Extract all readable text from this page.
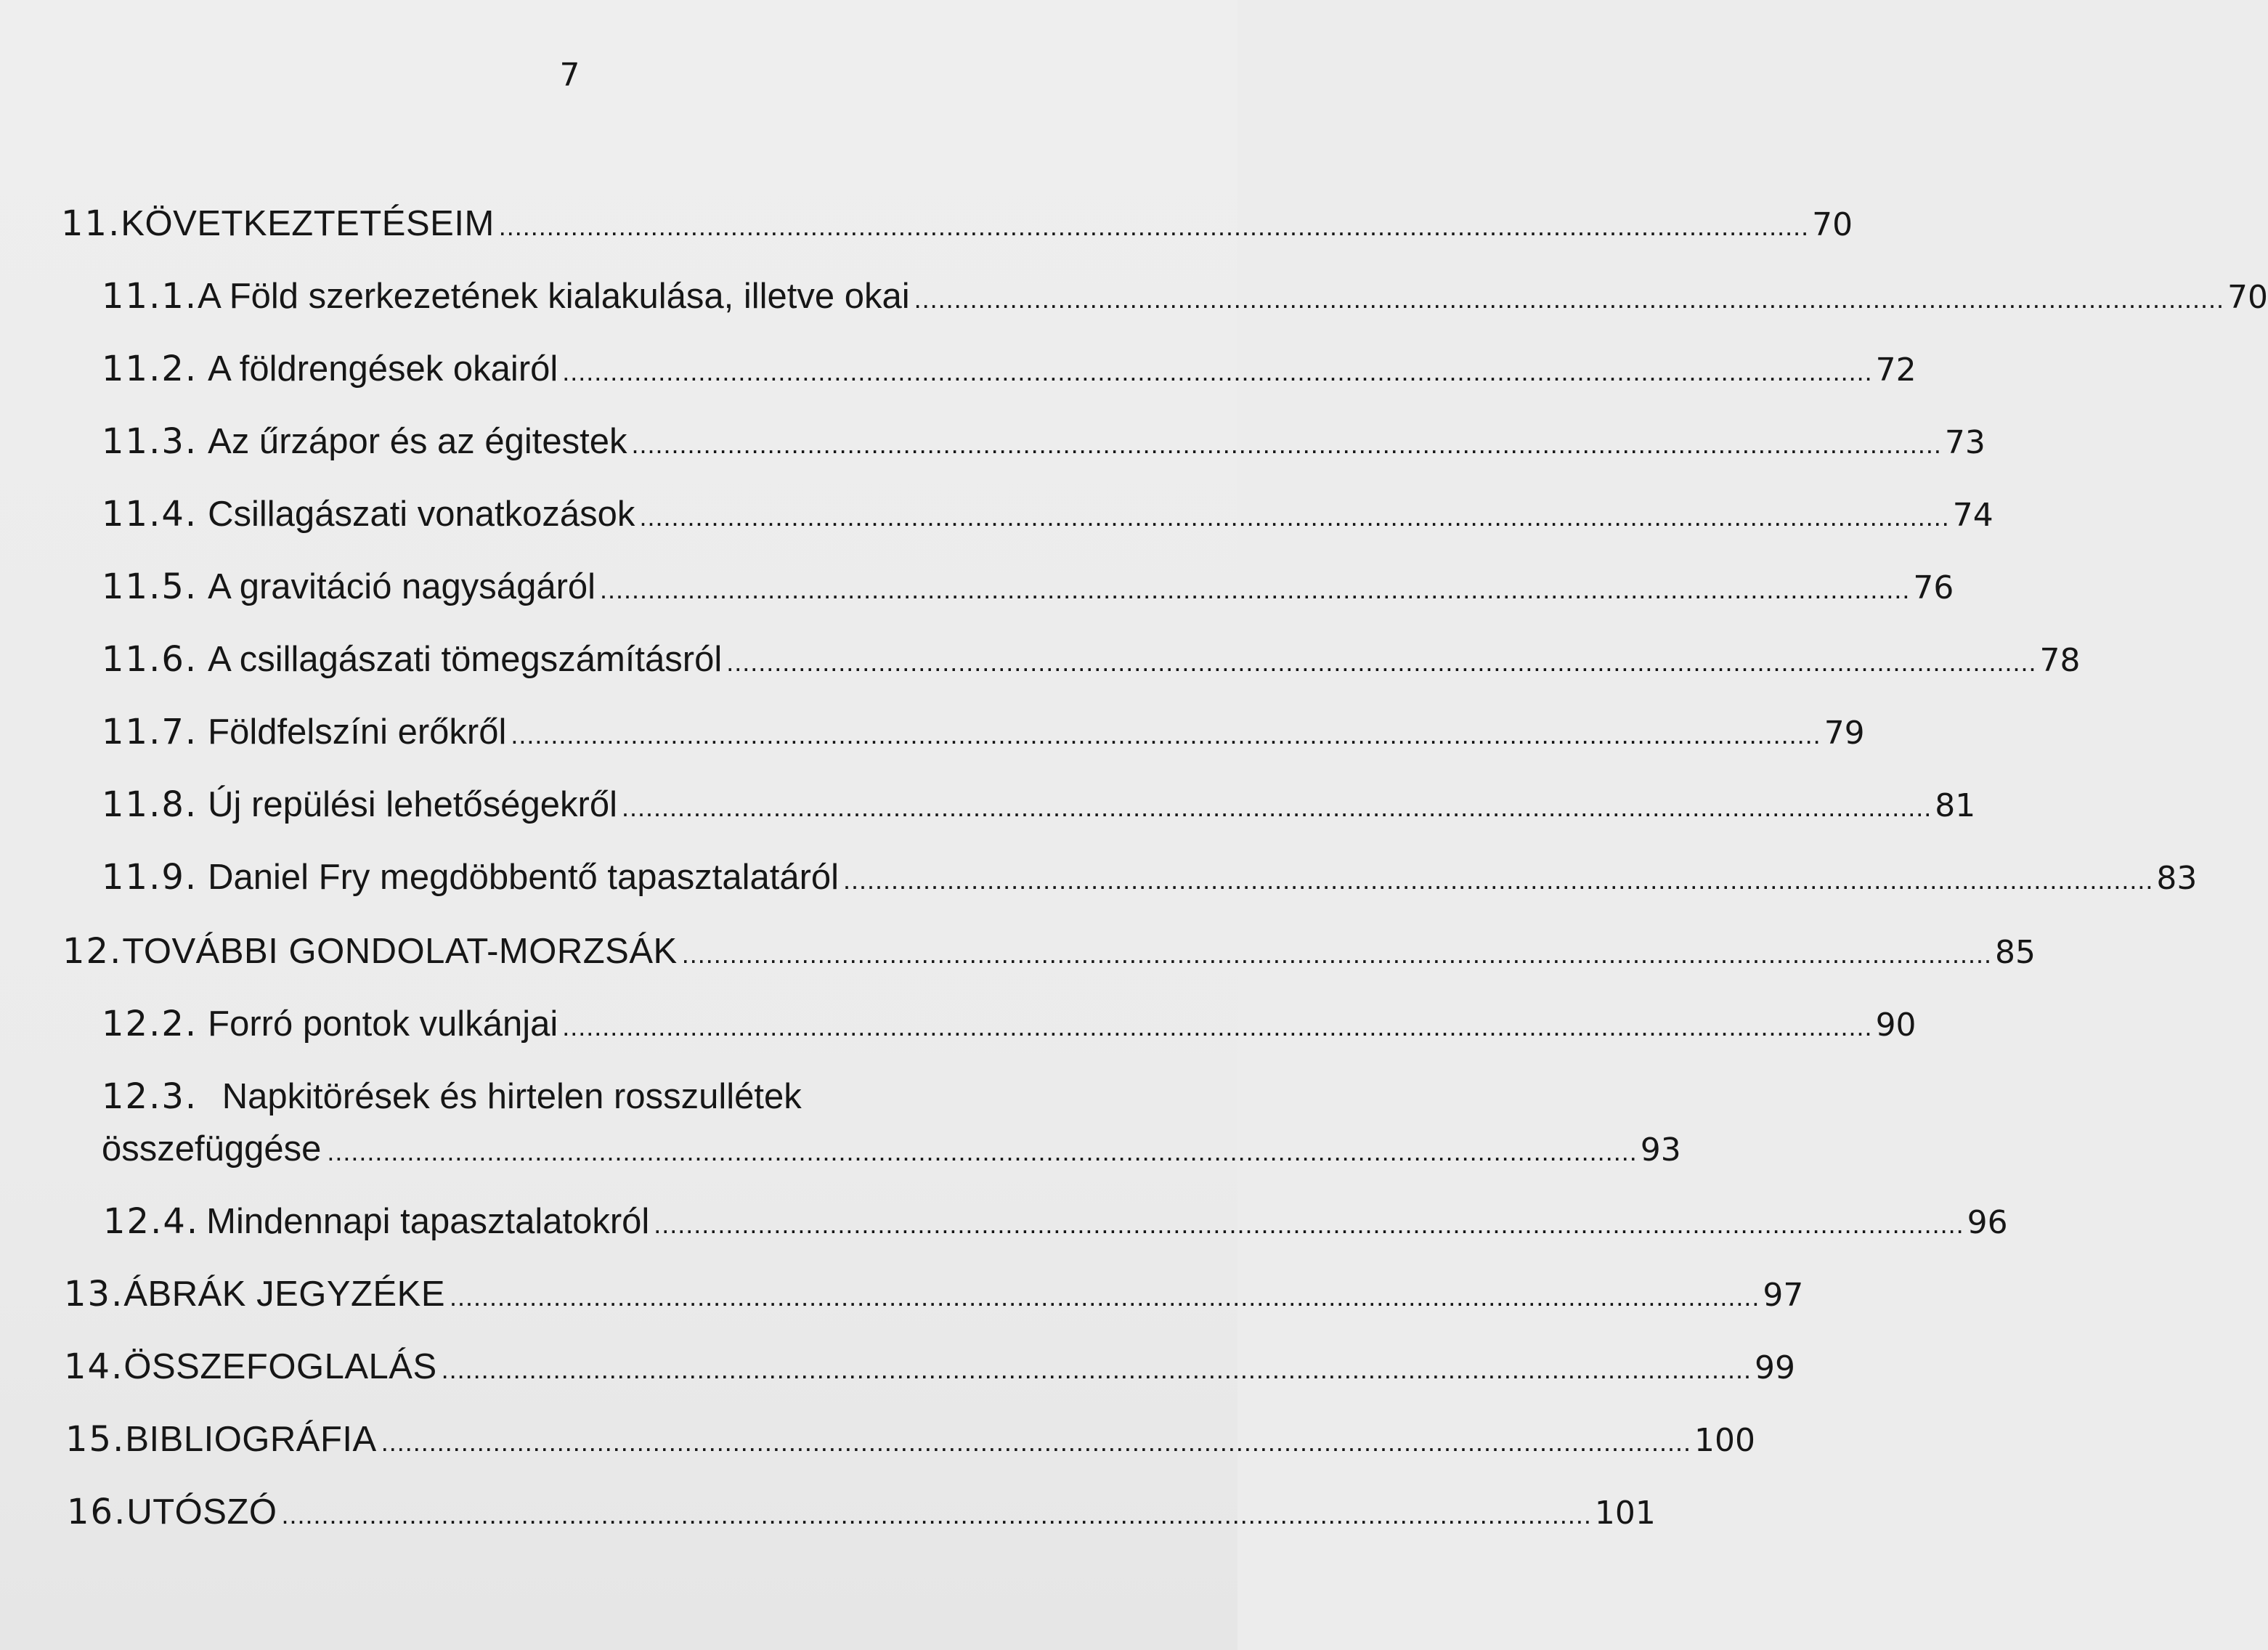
7
11. KÖVETKEZTETÉSEIM .................................................................................................................................................................... 70
11.1. A Föld szerkezetének kialakulása, illetve okai .................................................................................................................................................................... 70
11.2. A földrengések okairól .................................................................................................................................................................... 72
11.3. Az űrzápor és az égitestek .................................................................................................................................................................... 73
11.4. Csillagászati vonatkozások .................................................................................................................................................................... 74
11.5. A gravitáció nagyságáról .................................................................................................................................................................... 76
11.6. A csillagászati tömegszámításról .................................................................................................................................................................... 78
11.7. Földfelszíni erőkről .................................................................................................................................................................... 79
11.8. Új repülési lehetőségekről .................................................................................................................................................................... 81
11.9. Daniel Fry megdöbbentő tapasztalatáról .................................................................................................................................................................... 83
12. TOVÁBBI GONDOLAT-MORZSÁK .................................................................................................................................................................... 85
12.2. Forró pontok vulkánjai .................................................................................................................................................................... 90
12.3. Napkitörések és hirtelen rosszullétek
összefüggése .................................................................................................................................................................... 93
12.4. Mindennapi tapasztalatokról .................................................................................................................................................................... 96
13. ÁBRÁK JEGYZÉKE .................................................................................................................................................................... 97
14. ÖSSZEFOGLALÁS .................................................................................................................................................................... 99
15. BIBLIOGRÁFIA .................................................................................................................................................................... 100
16. UTÓSZÓ .................................................................................................................................................................... 101
